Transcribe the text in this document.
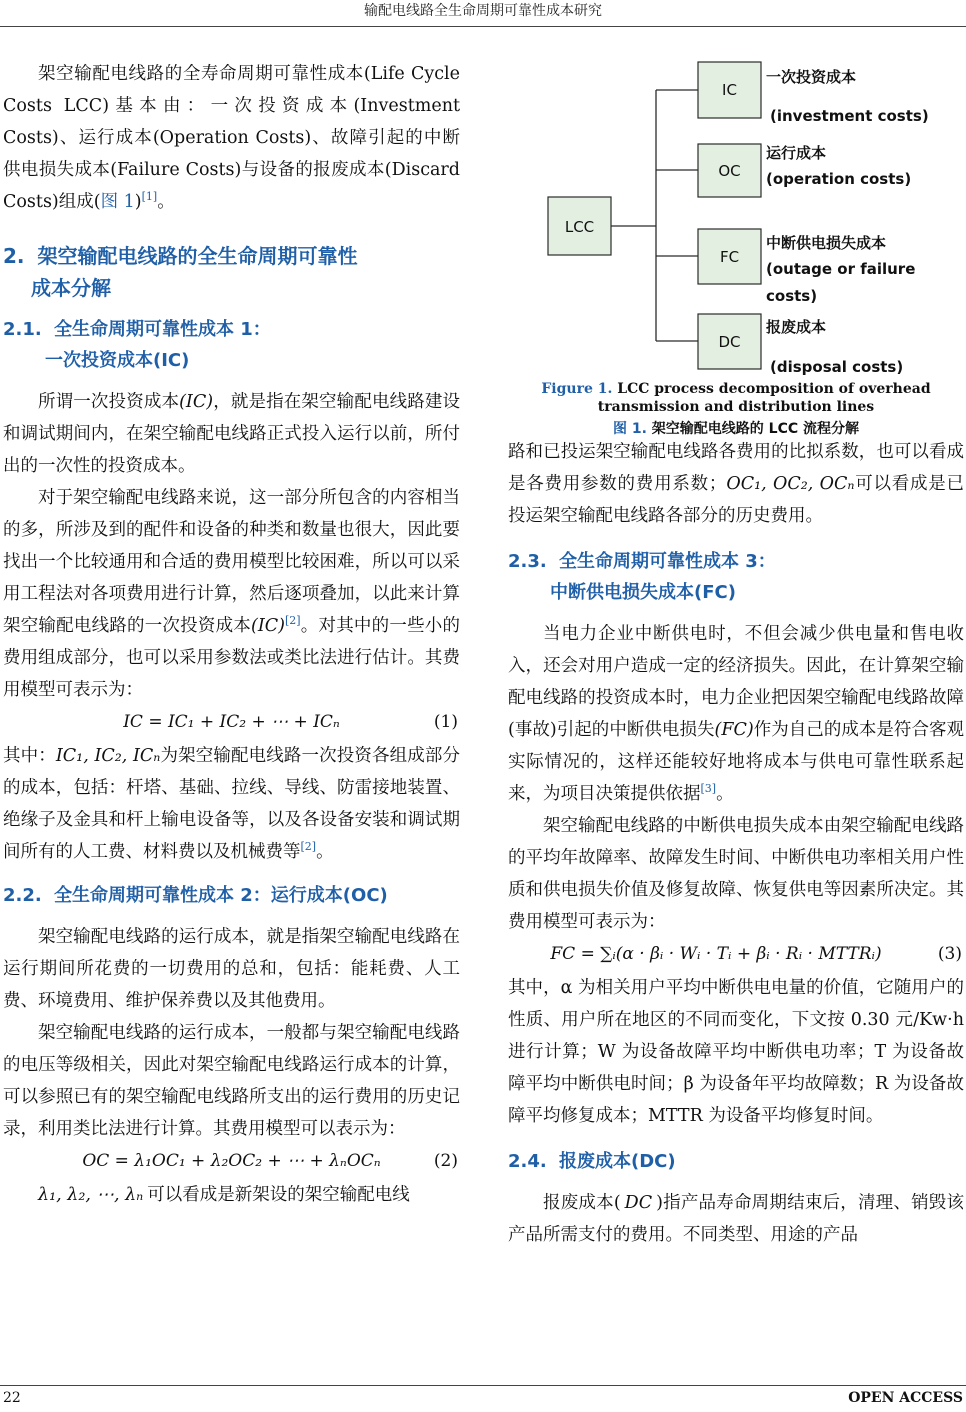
输配电线路全生命周期可靠性成本研究

架空输配电线路的全寿命周期可靠性成本(Life Cycle Costs LCC)基本由：一次投资成本(Investment Costs)、运行成本(Operation Costs)、故障引起的中断供电损失成本(Failure Costs)与设备的报废成本(Discard Costs)组成(图 1)[1]。

2. 架空输配电线路的全生命周期可靠性
成本分解
2.1. 全生命周期可靠性成本 1：
一次投资成本(IC)

所谓一次投资成本(IC)，就是指在架空输配电线路建设和调试期间内，在架空输配电线路正式投入运行以前，所付出的一次性的投资成本。

对于架空输配电线路来说，这一部分所包含的内容相当的多，所涉及到的配件和设备的种类和数量也很大，因此要找出一个比较通用和合适的费用模型比较困难，所以可以采用工程法对各项费用进行计算，然后逐项叠加，以此来计算架空输配电线路的一次投资成本(IC)[2]。对其中的一些小的费用组成部分，也可以采用参数法或类比法进行估计。其费用模型可表示为：

IC = IC₁ + IC₂ + ⋯ + ICₙ	(1)

其中：IC₁, IC₂, ICₙ为架空输配电线路一次投资各组成部分的成本，包括：杆塔、基础、拉线、导线、防雷接地装置、绝缘子及金具和杆上输电设备等，以及各设备安装和调试期间所有的人工费、材料费以及机械费等[2]。

2.2. 全生命周期可靠性成本 2：运行成本(OC)

架空输配电线路的运行成本，就是指架空输配电线路在运行期间所花费的一切费用的总和，包括：能耗费、人工费、环境费用、维护保养费以及其他费用。

架空输配电线路的运行成本，一般都与架空输配电线路的电压等级相关，因此对架空输配电线路运行成本的计算，可以参照已有的架空输配电线路所支出的运行费用的历史记录，利用类比法进行计算。其费用模型可以表示为：

OC = λ₁OC₁ + λ₂OC₂ + ⋯ + λₙOCₙ	(2)

λ₁, λ₂, ⋯, λₙ 可以看成是新架设的架空输配电线

LCC
IC
OC
FC
DC
一次投资成本
(investment costs)
运行成本
(operation costs)
中断供电损失成本
(outage or failure
costs)
报废成本
(disposal costs)

Figure 1. LCC process decomposition of overhead transmission and distribution lines

图 1. 架空输配电线路的 LCC 流程分解

路和已投运架空输配电线路各费用的比拟系数，也可以看成是各费用参数的费用系数；OC₁, OC₂, OCₙ可以看成是已投运架空输配电线路各部分的历史费用。

2.3. 全生命周期可靠性成本 3：
中断供电损失成本(FC)

当电力企业中断供电时，不但会减少供电量和售电收入，还会对用户造成一定的经济损失。因此，在计算架空输配电线路的投资成本时，电力企业把因架空输配电线路故障(事故)引起的中断供电损失(FC)作为自己的成本是符合客观实际情况的，这样还能较好地将成本与供电可靠性联系起来，为项目决策提供依据[3]。

架空输配电线路的中断供电损失成本由架空输配电线路的平均年故障率、故障发生时间、中断供电功率相关用户性质和供电损失价值及修复故障、恢复供电等因素所决定。其费用模型可表示为：

FC = ∑ᵢ(α · βᵢ · Wᵢ · Tᵢ + βᵢ · Rᵢ · MTTRᵢ)	(3)

其中，α 为相关用户平均中断供电电量的价值，它随用户的性质、用户所在地区的不同而变化，下文按 0.30 元/Kw·h 进行计算；W 为设备故障平均中断供电功率；T 为设备故障平均中断供电时间；β 为设备年平均故障数；R 为设备故障平均修复成本；MTTR 为设备平均修复时间。

2.4. 报废成本(DC)

报废成本( DC )指产品寿命周期结束后，清理、销毁该产品所需支付的费用。不同类型、用途的产品

22	OPEN ACCESS
